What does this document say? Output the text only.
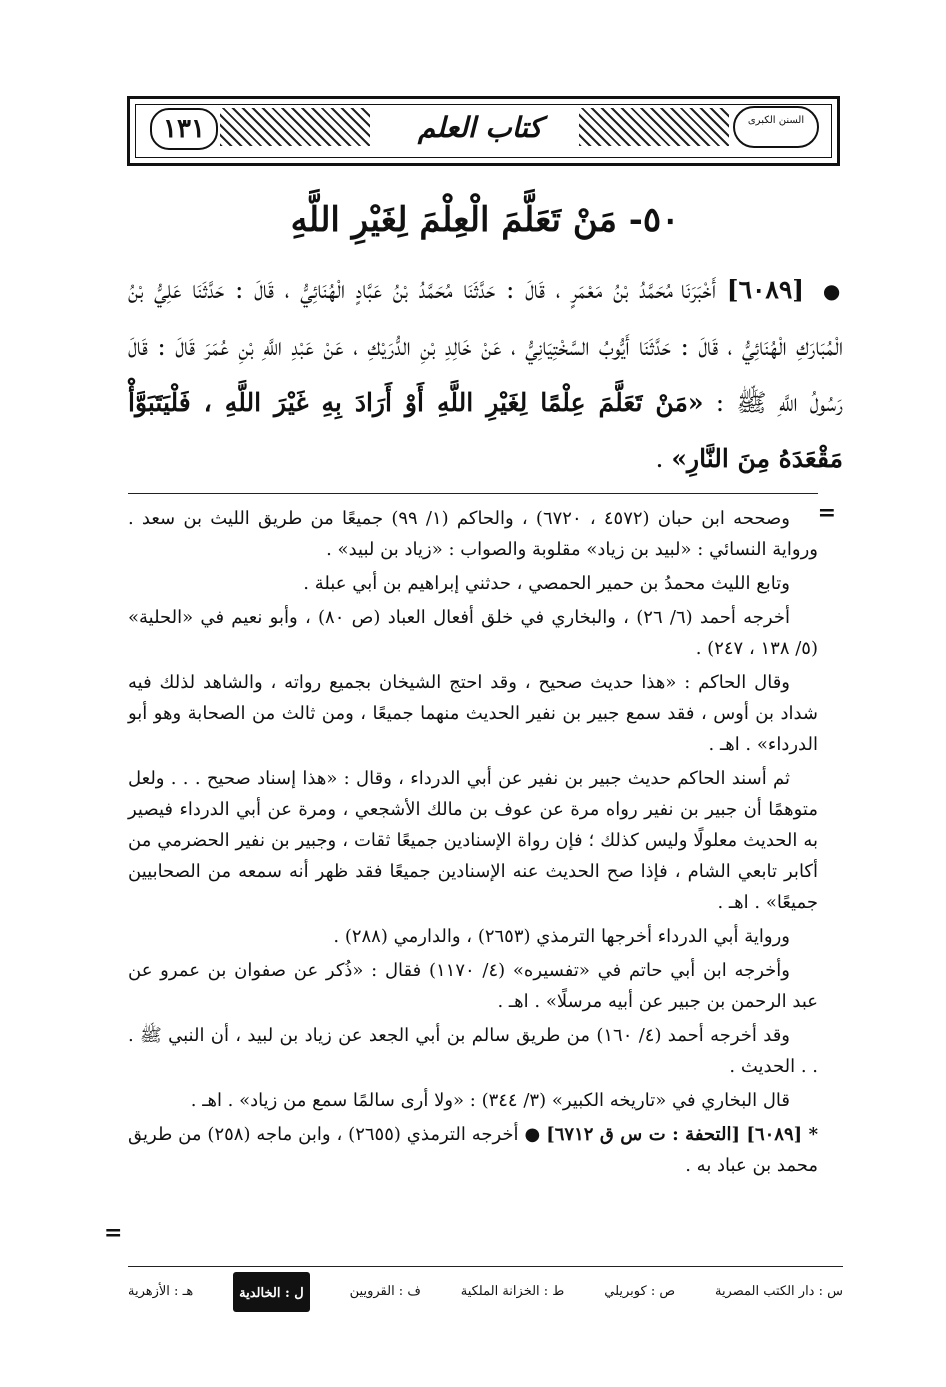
١٣١	كتاب العلم	السنن الكبرى
٥٠- مَنْ تَعَلَّمَ الْعِلْمَ لِغَيْرِ اللَّهِ
● [٦٠٨٩] أَخْبَرَنَا مُحَمَّدُ بْنُ مَعْمَرٍ ، قَالَ : حَدَّثَنَا مُحَمَّدُ بْنُ عَبَّادٍ الْهُنَائِيُّ ، قَالَ : حَدَّثَنَا عَلِيُّ بْنُ الْمُبَارَكِ الْهُنَائِيُّ ، قَالَ : حَدَّثَنَا أَيُّوبُ السَّخْتِيَانِيُّ ، عَنْ خَالِدِ بْنِ الدُّرَيْكِ ، عَنْ عَبْدِ اللَّهِ بْنِ عُمَرَ قَالَ : قَالَ رَسُولُ اللَّهِ ﷺ : «مَنْ تَعَلَّمَ عِلْمًا لِغَيْرِ اللَّهِ أَوْ أَرَادَ بِهِ غَيْرَ اللَّهِ ، فَلْيَتَبَوَّأْ مَقْعَدَهُ مِنَ النَّارِ» .
=

وصححه ابن حبان (٤٥٧٢ ، ٦٧٢٠) ، والحاكم (١/ ٩٩) جميعًا من طريق الليث بن سعد . ورواية النسائي : «لبيد بن زياد» مقلوبة والصواب : «زياد بن لبيد» .

وتابع الليث محمدُ بن حمير الحمصي ، حدثني إبراهيم بن أبي عبلة .

أخرجه أحمد (٦/ ٢٦) ، والبخاري في خلق أفعال العباد (ص ٨٠) ، وأبو نعيم في «الحلية» (٥/ ١٣٨ ، ٢٤٧) .

وقال الحاكم : «هذا حديث صحيح ، وقد احتج الشيخان بجميع رواته ، والشاهد لذلك فيه شداد بن أوس ، فقد سمع جبير بن نفير الحديث منهما جميعًا ، ومن ثالث من الصحابة وهو أبو الدرداء» . اهـ .

ثم أسند الحاكم حديث جبير بن نفير عن أبي الدرداء ، وقال : «هذا إسناد صحيح . . . ولعل متوهمًا أن جبير بن نفير رواه مرة عن عوف بن مالك الأشجعي ، ومرة عن أبي الدرداء فيصير به الحديث معلولًا وليس كذلك ؛ فإن رواة الإسنادين جميعًا ثقات ، وجبير بن نفير الحضرمي من أكابر تابعي الشام ، فإذا صح الحديث عنه الإسنادين جميعًا فقد ظهر أنه سمعه من الصحابيين جميعًا» . اهـ .

ورواية أبي الدرداء أخرجها الترمذي (٢٦٥٣) ، والدارمي (٢٨٨) .

وأخرجه ابن أبي حاتم في «تفسيره» (٤/ ١١٧٠) فقال : «ذُكر عن صفوان بن عمرو عن عبد الرحمن بن جبير عن أبيه مرسلًا» . اهـ .

وقد أخرجه أحمد (٤/ ١٦٠) من طريق سالم بن أبي الجعد عن زياد بن لبيد ، أن النبي ﷺ . . . الحديث .

قال البخاري في «تاريخه الكبير» (٣/ ٣٤٤) : «ولا أرى سالمًا سمع من زياد» . اهـ .

* [٦٠٨٩] [التحفة : ت س ق ٦٧١٢] ● أخرجه الترمذي (٢٦٥٥) ، وابن ماجه (٢٥٨) من طريق محمد بن عباد به .

=
س : دار الكتب المصرية
ص : كوبريلي
ط : الخزانة الملكية
ف : القرويين
ل : الخالدية
هـ : الأزهرية
